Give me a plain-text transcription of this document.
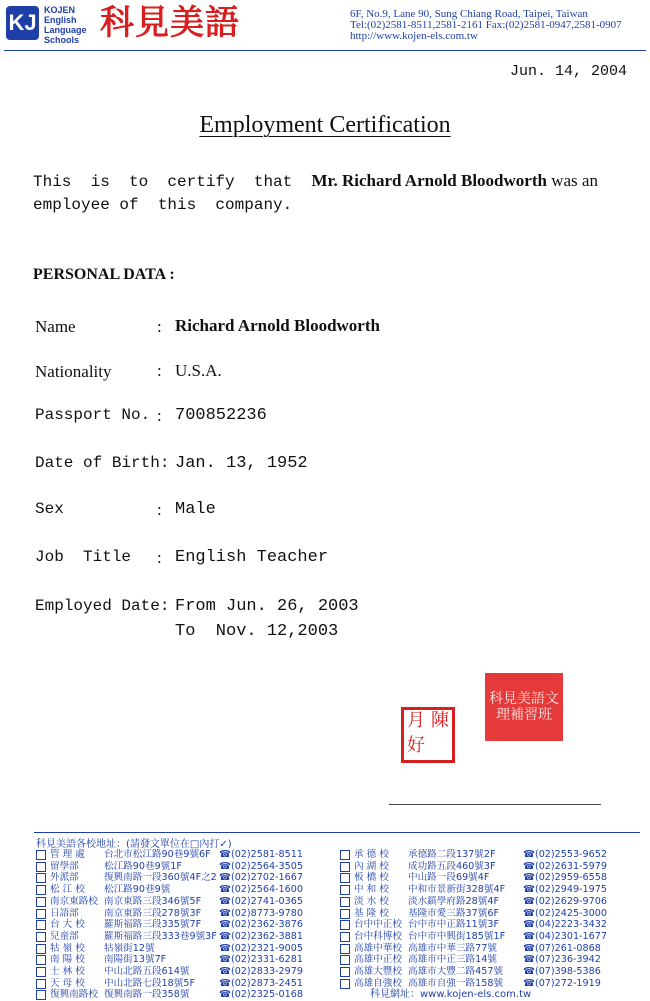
KJ KOJEN
English
Language
Schools 科見美語	6F, No.9, Lane 90, Sung Chiang Road, Taipei, Taiwan
Tel:(02)2581-8511,2581-2161 Fax:(02)2581-0947,2581-0907
http://www.kojen-els.com.tw
Jun. 14, 2004
Employment Certification
This  is  to  certify  that  Mr. Richard Arnold Bloodworth was an
employee of  this  company.
PERSONAL DATA :
Name	: Richard Arnold Bloodworth
Nationality	: U.S.A.
Passport No. : 700852236
Date of Birth: Jan. 13, 1952
Sex	: Male
Job  Title : English Teacher
Employed Date: From Jun. 26, 2003
To  Nov. 12,2003
月 陳
好
科見美語文理補習班
科見美語各校地址：(請發文單位在□內打✓)
管 理 處	台北市松江路90巷9號6F ☎(02)2581-8511
留學部	松江路90巷9號1F	☎(02)2564-3505
外派部	復興南路一段360號4F之2 ☎(02)2702-1667
松 江 校	松江路90巷9號	☎(02)2564-1600
南京東路校 南京東路三段346號5F	☎(02)2741-0365
日語部	南京東路三段278號3F	☎(02)8773-9780
台 大 校	羅斯福路三段335號7F	☎(02)2362-3876
兒童部	羅斯福路三段333巷9號3F ☎(02)2362-3881
牯 嶺 校	牯嶺街12號	☎(02)2321-9005
南 陽 校	南陽街13號7F	☎(02)2331-6281
士 林 校	中山北路五段614號	☎(02)2833-2979
天 母 校	中山北路七段18號5F	☎(02)2873-2451
復興南路校 復興南路一段358號	☎(02)2325-0168
承 德 校	承德路二段137號2F	☎(02)2553-9652
內 湖 校	成功路五段460號3F	☎(02)2631-5979
板 橋 校	中山路一段69號4F	☎(02)2959-6558
中 和 校	中和市景新街328號4F	☎(02)2949-1975
淡 水 校	淡水鎮學府路28號4F	☎(02)2629-9706
基 隆 校	基隆市愛三路37號6F	☎(02)2425-3000
台中中正校 台中市中正路11號3F	☎(04)2223-3432
台中科博校 台中市中興街185號1F	☎(04)2301-1677
高雄中華校 高雄市中華三路77號	☎(07)261-0868
高雄中正校 高雄市中正三路14號	☎(07)236-3942
高雄大豐校 高雄市大豐二路457號	☎(07)398-5386
高雄自強校 高雄市自強一路158號	☎(07)272-1919
科見網址：www.kojen-els.com.tw
